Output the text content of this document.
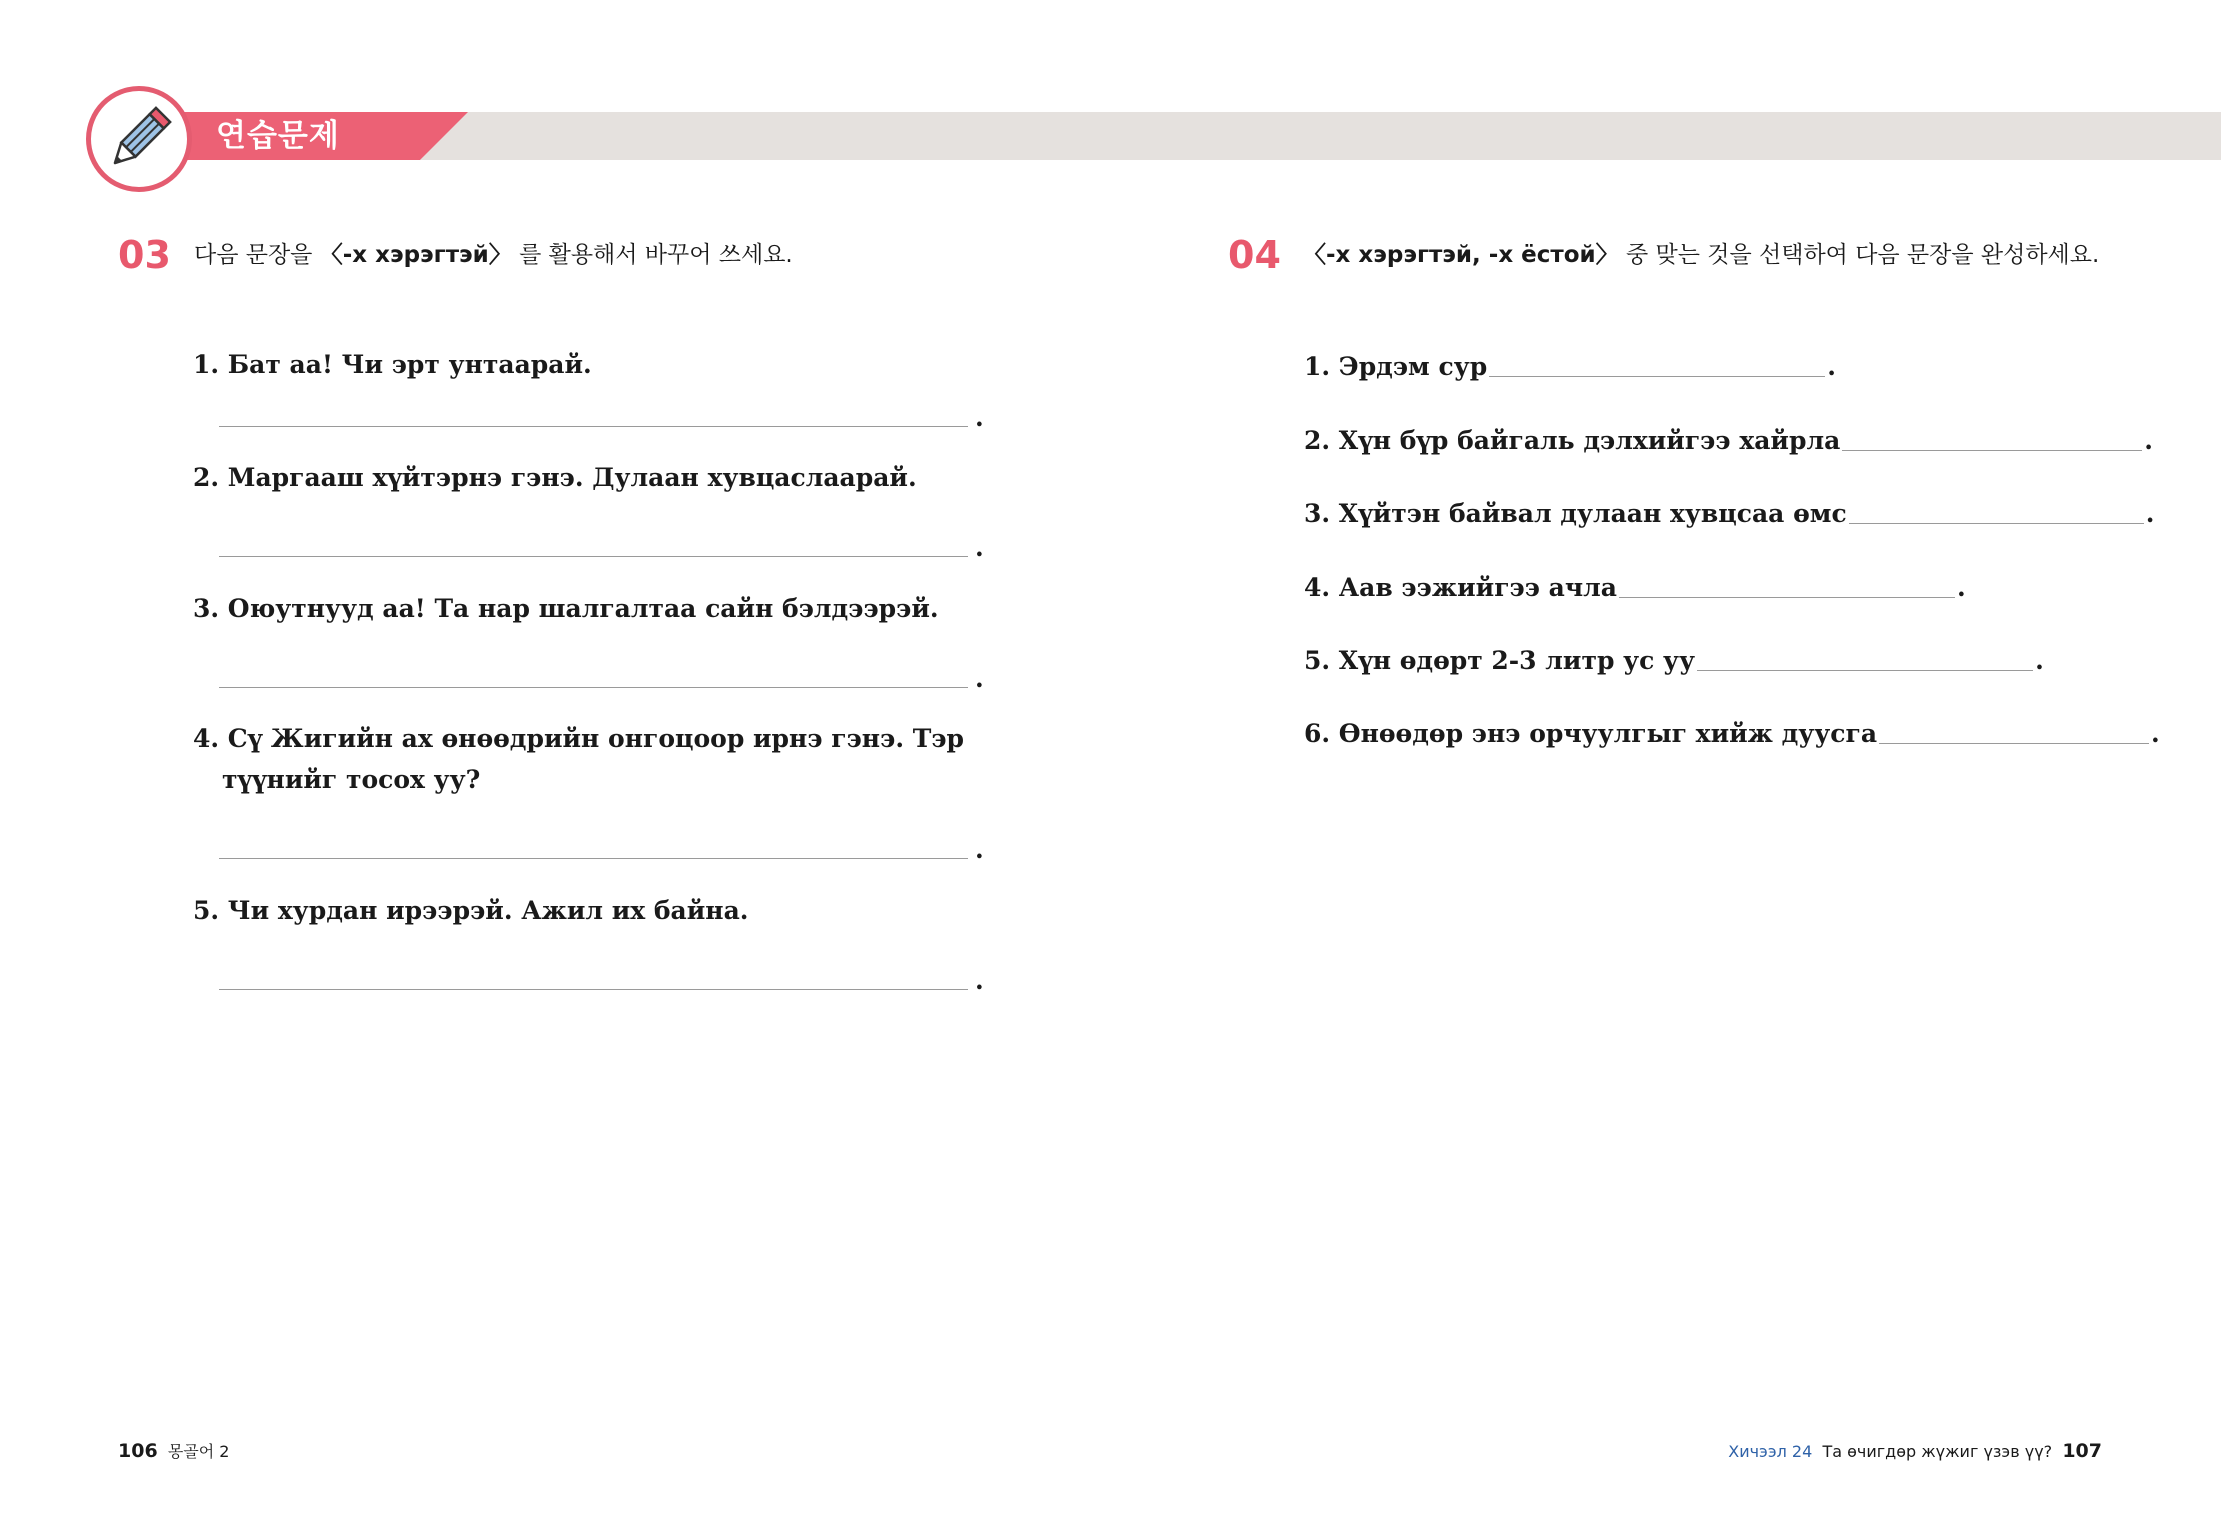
연습문제
03 다음 문장을 〈-х хэрэгтэй〉 를 활용해서 바꾸어 쓰세요.
1. Бат аа! Чи эрт унтаарай.
.
2. Маргааш хүйтэрнэ гэнэ. Дулаан хувцаслаарай.
.
3. Оюутнууд аа! Та нар шалгалтаа сайн бэлдээрэй.
.
4. Сү Жигийн ах өнөөдрийн онгоцоор ирнэ гэнэ. Тэр
түүнийг тосох уу?
.
5. Чи хурдан ирээрэй. Ажил их байна.
.
04 〈-х хэрэгтэй, -х ёстой〉 중 맞는 것을 선택하여 다음 문장을 완성하세요.
1. Эрдэм сур	.
2. Хүн бүр байгаль дэлхийгээ хайрла	.
3. Хүйтэн байвал дулаан хувцсаа өмс	.
4. Аав ээжийгээ ачла	.
5. Хүн өдөрт 2-3 литр ус уу	.
6. Өнөөдөр энэ орчуулгыг хийж дуусга	.
106 몽골어 2	Хичээл 24 Та өчигдөр жүжиг үзэв үү? 107
